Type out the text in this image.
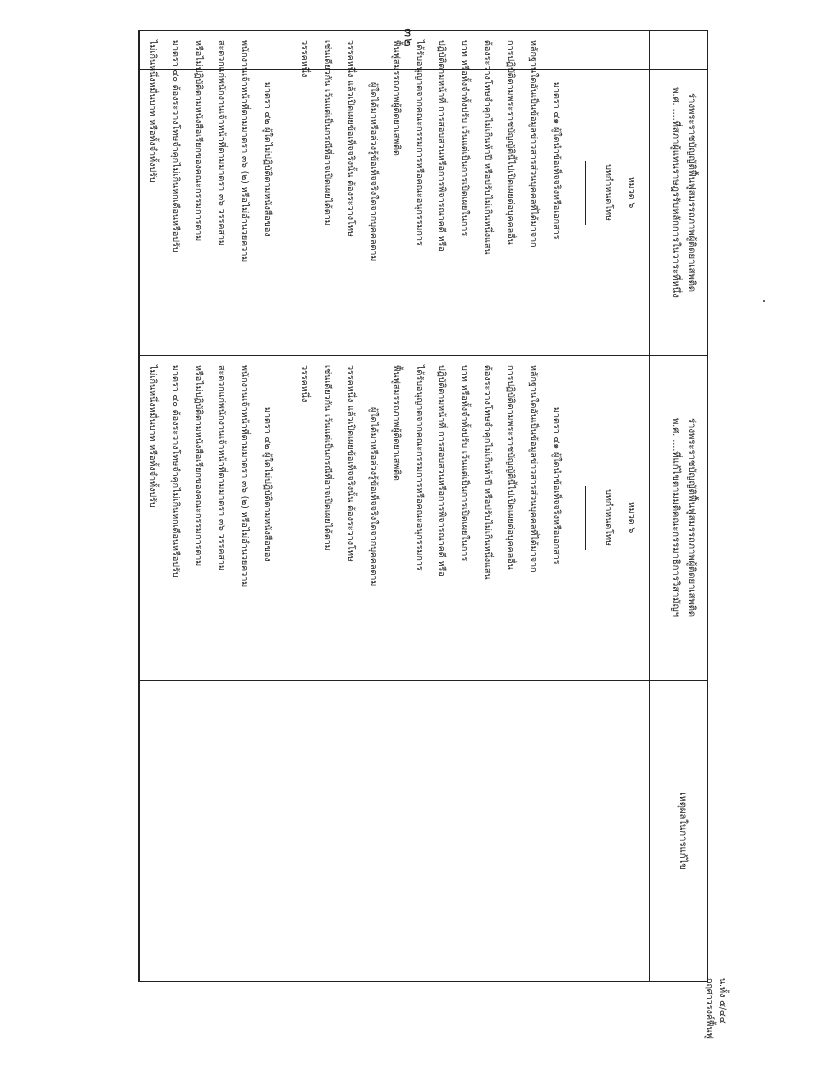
๓๒
ร่างพระราชบัญญัติฟื้นฟูสมรรถภาพผู้ติดยาเสพติด
พ.ศ. ....ที่สภาผู้แทนราษฎรรับหลักการในวาระที่หนึ่ง
ร่างพระราชบัญญัติฟื้นฟูสมรรถภาพผู้ติดยาเสพติด
พ.ศ. ....ที่แก้ไขตามมติคณะกรรมาธิการวิสามัญฯ
เหตุผลในการแก้ไข
หมวด ๖
บทกำหนดโทษ
มาตรา ๔๑ ผู้ใดนำข้อเท็จจริงหรือเอกสาร
หลักฐานใดอันเป็นข้อมูลข่าวสารส่วนบุคคลที่ได้มาจาก
การปฏิบัติตามพระราชบัญญัตินี้ไปเปิดเผยต่อบุคคลอื่น
ต้องระวางโทษจำคุกไม่เกินห้าปี หรือปรับไม่เกินหนึ่งแสน
บาท หรือทั้งจำทั้งปรับ เว้นแต่เป็นการเปิดเผยในการ
ปฏิบัติตามหน้าที่ การสอบสวนหรือการพิจารณาคดี หรือ
ได้รับอนุญาตจากคณะกรรมการหรือคณะอนุกรรมการ
ฟื้นฟูสมรรถภาพผู้ติดยาเสพติด
ผู้ใดได้มาหรือล่วงรู้ข้อเท็จจริงใดจากบุคคลตาม
วรรคหนึ่ง แล้วเปิดเผยข้อเท็จจริงนั้น ต้องระวางโทษ
เช่นเดียวกัน เว้นแต่เป็นกรณีที่อาจเปิดเผยได้ตาม
วรรคหนึ่ง
มาตรา ๔๒ ผู้ใดไม่ปฏิบัติตามหนังสือของ
พนักงานเจ้าหน้าที่ตามมาตรา ๓๖ (๒) หรือไม่อำนวยความ
สะดวกแก่พนักงานเจ้าหน้าที่ตามมาตรา ๓๖ วรรคสาม
หรือไม่ปฏิบัติตามหนังสือเรียกของคณะกรรมการตาม
มาตรา ๔๐ ต้องระวางโทษจำคุกไม่เกินหกเดือนหรือปรับ
ไม่เกินหนึ่งหมื่นบาท หรือทั้งจำทั้งปรับ
หมวด ๖
บทกำหนดโทษ
มาตรา ๔๑ ผู้ใดนำข้อเท็จจริงหรือเอกสาร
หลักฐานใดอันเป็นข้อมูลข่าวสารส่วนบุคคลที่ได้มาจาก
การปฏิบัติตามพระราชบัญญัตินี้ไปเปิดเผยต่อบุคคลอื่น
ต้องระวางโทษจำคุกไม่เกินห้าปี หรือปรับไม่เกินหนึ่งแสน
บาท หรือทั้งจำทั้งปรับ เว้นแต่เป็นการเปิดเผยในการ
ปฏิบัติตามหน้าที่ การสอบสวนหรือการพิจารณาคดี หรือ
ได้รับอนุญาตจากคณะกรรมการหรือคณะอนุกรรมการ
ฟื้นฟูสมรรถภาพผู้ติดยาเสพติด
ผู้ใดได้มาหรือล่วงรู้ข้อเท็จจริงใดจากบุคคลตาม
วรรคหนึ่ง แล้วเปิดเผยข้อเท็จจริงนั้น ต้องระวางโทษ
เช่นเดียวกัน เว้นแต่เป็นกรณีที่อาจเปิดเผยได้ตาม
วรรคหนึ่ง
มาตรา ๔๒ ผู้ใดไม่ปฏิบัติตามหนังสือของ
พนักงานเจ้าหน้าที่ตามมาตรา ๓๖ (๒) หรือไม่อำนวยความ
สะดวกแก่พนักงานเจ้าหน้าที่ตามมาตรา ๓๖ วรรคสาม
หรือไม่ปฏิบัติตามหนังสือเรียกของคณะกรรมการตาม
มาตรา ๔๐ ต้องระวางโทษจำคุกไม่เกินหกเดือนหรือปรับ
ไม่เกินหนึ่งหมื่นบาท หรือทั้งจำทั้งปรับ
น.ทั้ง ๕/๔๔
กฤศาวรงค์ฟื้นฟู
